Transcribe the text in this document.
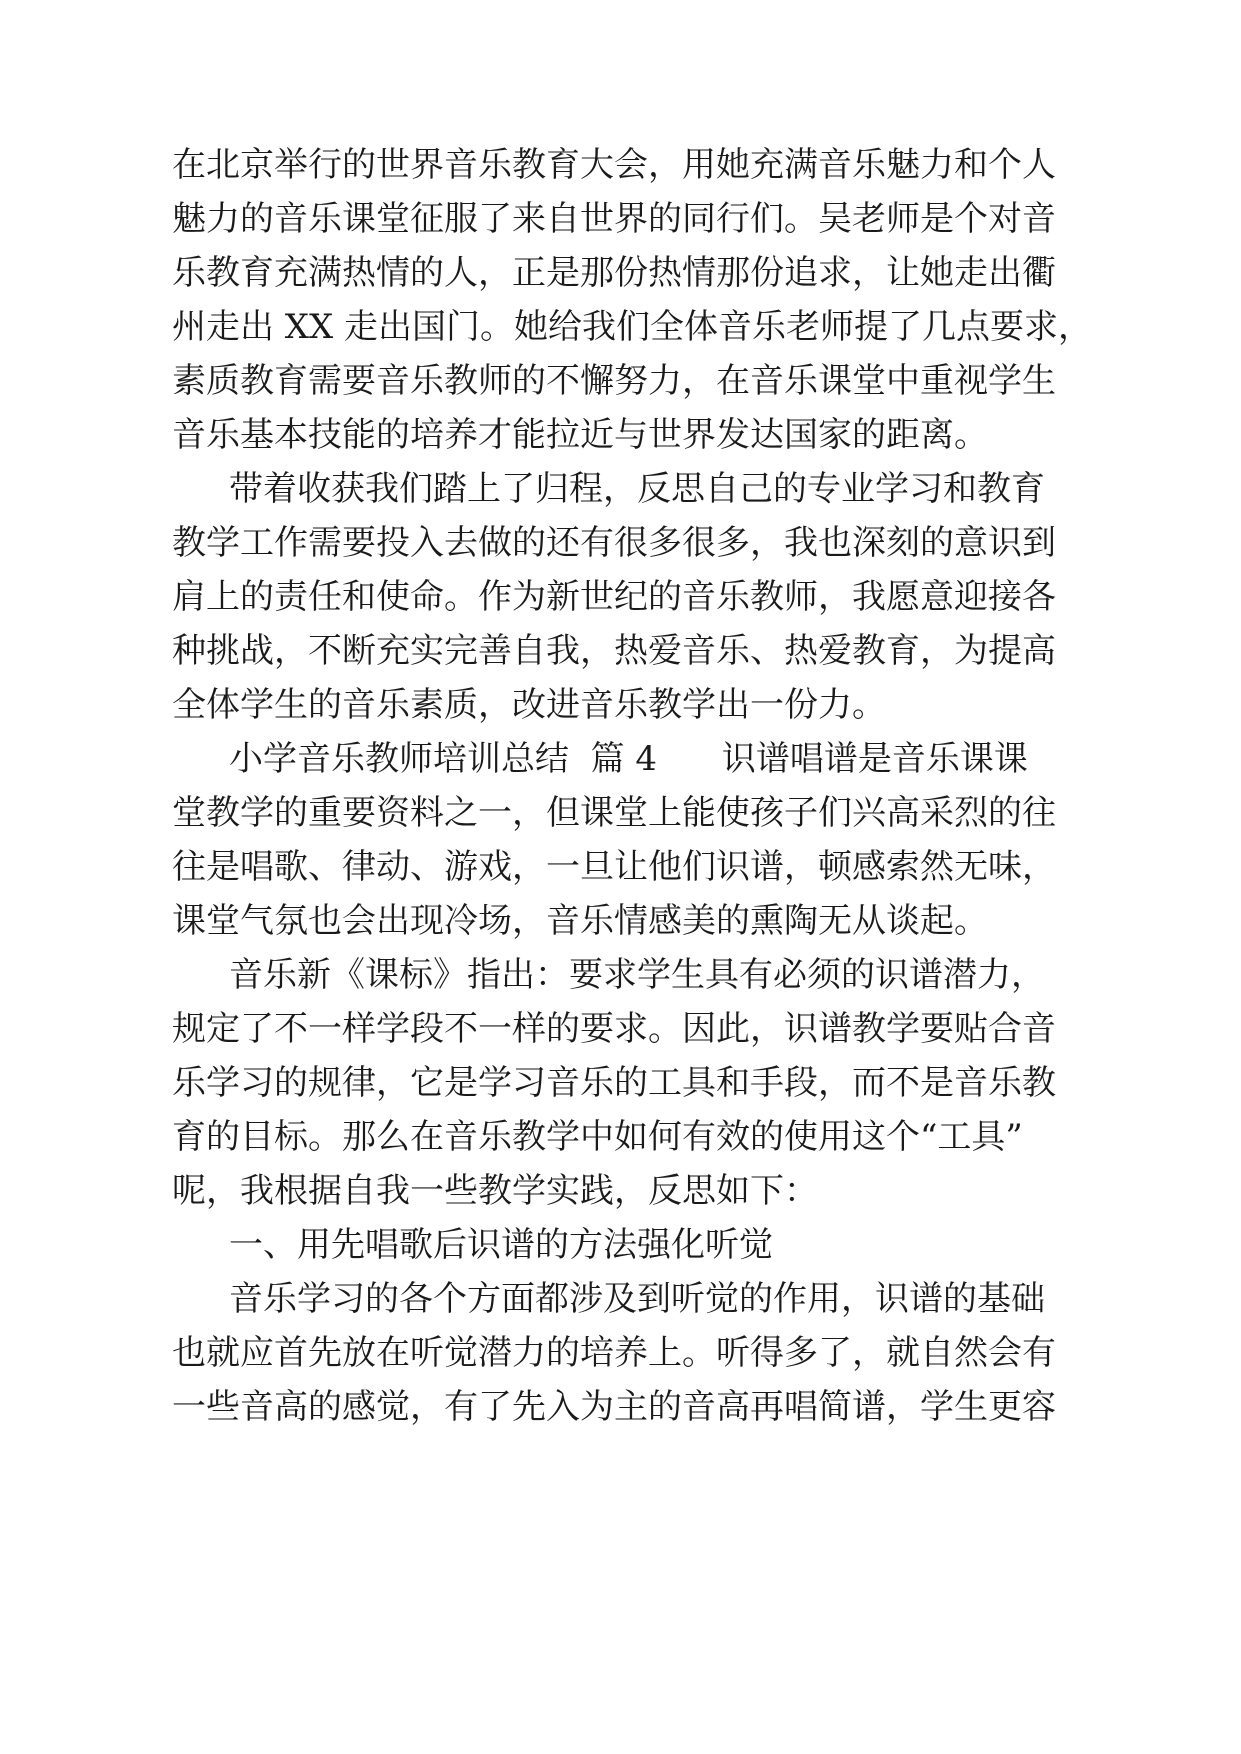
在北京举行的世界音乐教育大会，用她充满音乐魅力和个人

魅力的音乐课堂征服了来自世界的同行们。吴老师是个对音

乐教育充满热情的人，正是那份热情那份追求，让她走出衢

州走出 XX 走出国门。她给我们全体音乐老师提了几点要求，

素质教育需要音乐教师的不懈努力，在音乐课堂中重视学生

音乐基本技能的培养才能拉近与世界发达国家的距离。

带着收获我们踏上了归程，反思自己的专业学习和教育

教学工作需要投入去做的还有很多很多，我也深刻的意识到

肩上的责任和使命。作为新世纪的音乐教师，我愿意迎接各

种挑战，不断充实完善自我，热爱音乐、热爱教育，为提高

全体学生的音乐素质，改进音乐教学出一份力。

小学音乐教师培训总结  篇 4      识谱唱谱是音乐课课

堂教学的重要资料之一，但课堂上能使孩子们兴高采烈的往

往是唱歌、律动、游戏，一旦让他们识谱，顿感索然无味，

课堂气氛也会出现冷场，音乐情感美的熏陶无从谈起。

音乐新《课标》指出：要求学生具有必须的识谱潜力，

规定了不一样学段不一样的要求。因此，识谱教学要贴合音

乐学习的规律，它是学习音乐的工具和手段，而不是音乐教

育的目标。那么在音乐教学中如何有效的使用这个“工具”

呢，我根据自我一些教学实践，反思如下：

一、用先唱歌后识谱的方法强化听觉

音乐学习的各个方面都涉及到听觉的作用，识谱的基础

也就应首先放在听觉潜力的培养上。听得多了，就自然会有

一些音高的感觉，有了先入为主的音高再唱简谱，学生更容
